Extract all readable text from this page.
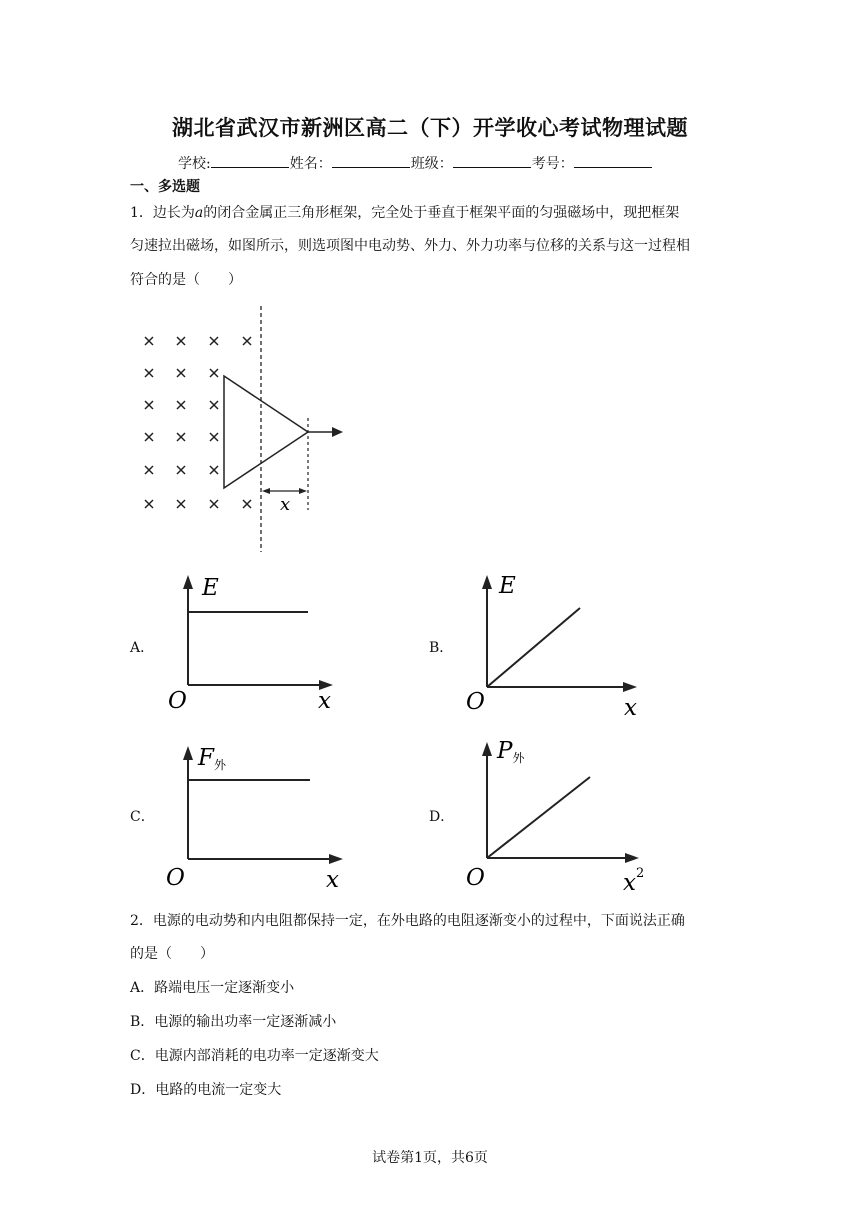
湖北省武汉市新洲区高二（下）开学收心考试物理试题
学校:	姓名：	班级：	考号：
一、多选题
1．边长为a的闭合金属正三角形框架，完全处于垂直于框架平面的匀强磁场中，现把框架
匀速拉出磁场，如图所示，则选项图中电动势、外力、外力功率与位移的关系与这一过程相
符合的是（　　）
x
A．
E
O	x
B．
E
O	x
C．
F外
O	x
D．
P外
O	$x^2$
2．电源的电动势和内电阻都保持一定，在外电路的电阻逐渐变小的过程中，下面说法正确
的是（　　）
A．路端电压一定逐渐变小
B．电源的输出功率一定逐渐减小
C．电源内部消耗的电功率一定逐渐变大
D．电路的电流一定变大
试卷第1页，共6页
